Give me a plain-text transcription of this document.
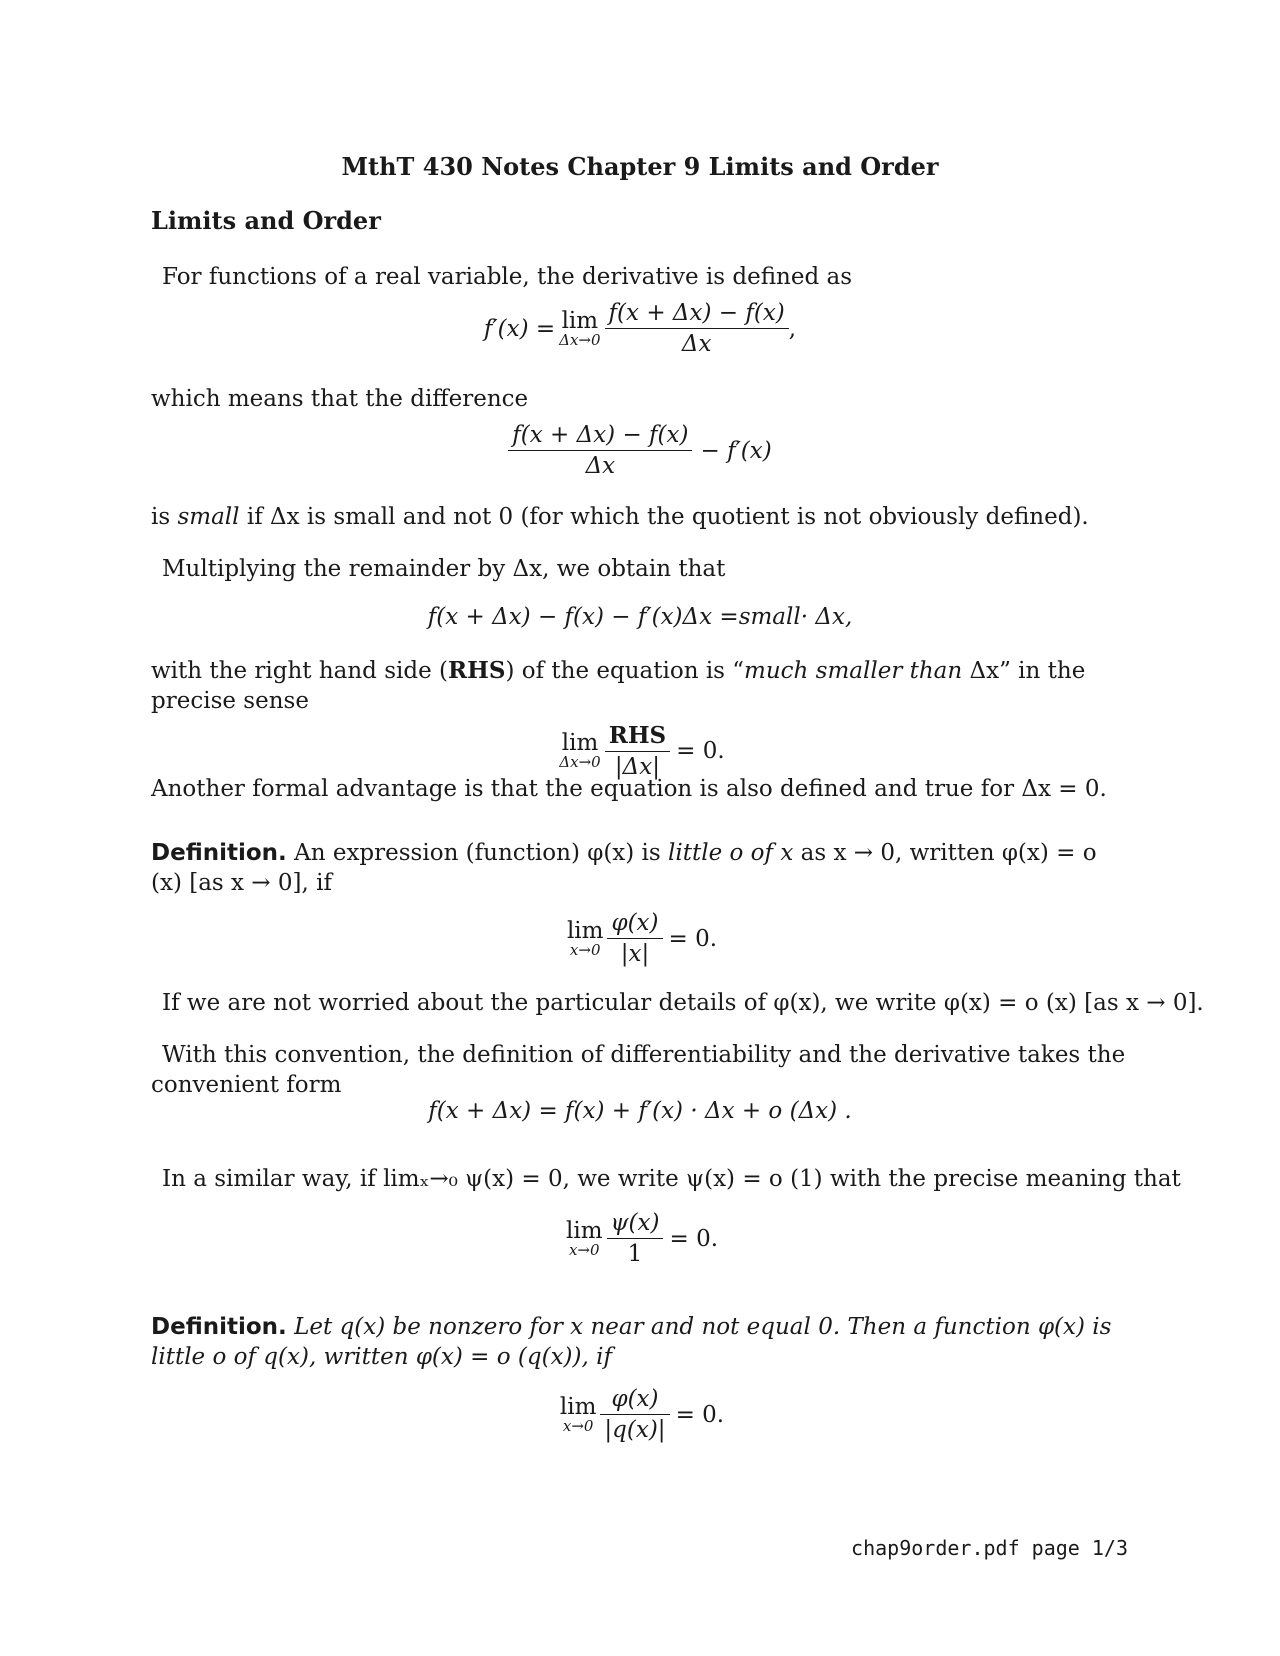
MthT 430 Notes Chapter 9 Limits and Order
Limits and Order
For functions of a real variable, the derivative is defined as
f′(x) = lim
$\Delta x\to 0 \frac{f(x + \Delta x) - f(x)}{\Delta x}$ ,
which means that the difference
$\frac{f(x + \Delta x) - f(x)}{\Delta x} - f'(x)$
is small if Δx is small and not 0 (for which the quotient is not obviously defined).
Multiplying the remainder by Δx, we obtain that
f(x + Δx) − f(x) − f′(x)Δx = small · Δx,
with the right hand side (RHS) of the equation is “much smaller than Δx” in the precise sense
lim
$\Delta x\to 0 \frac{\text{RHS}}{|\Delta x|} = 0$.
Another formal advantage is that the equation is also defined and true for Δx = 0.
Definition. An expression (function) φ(x) is little o of x as x → 0, written φ(x) = o (x) [as x → 0], if
lim
$x\to 0 \frac{\varphi(x)}{|x|} = 0$.
If we are not worried about the particular details of φ(x), we write φ(x) = o (x) [as x → 0].
With this convention, the definition of differentiability and the derivative takes the convenient form
f(x + Δx) = f(x) + f′(x) · Δx + o (Δx) .
In a similar way, if limₓ→₀ ψ(x) = 0, we write ψ(x) = o (1) with the precise meaning that
lim
$x\to 0 \frac{\psi(x)}{1} = 0$.
Definition. Let q(x) be nonzero for x near and not equal 0. Then a function φ(x) is little o of q(x), written φ(x) = o (q(x)), if
lim
$x\to 0 \frac{\varphi(x)}{|q(x)|} = 0$.
chap9order.pdf page 1/3
